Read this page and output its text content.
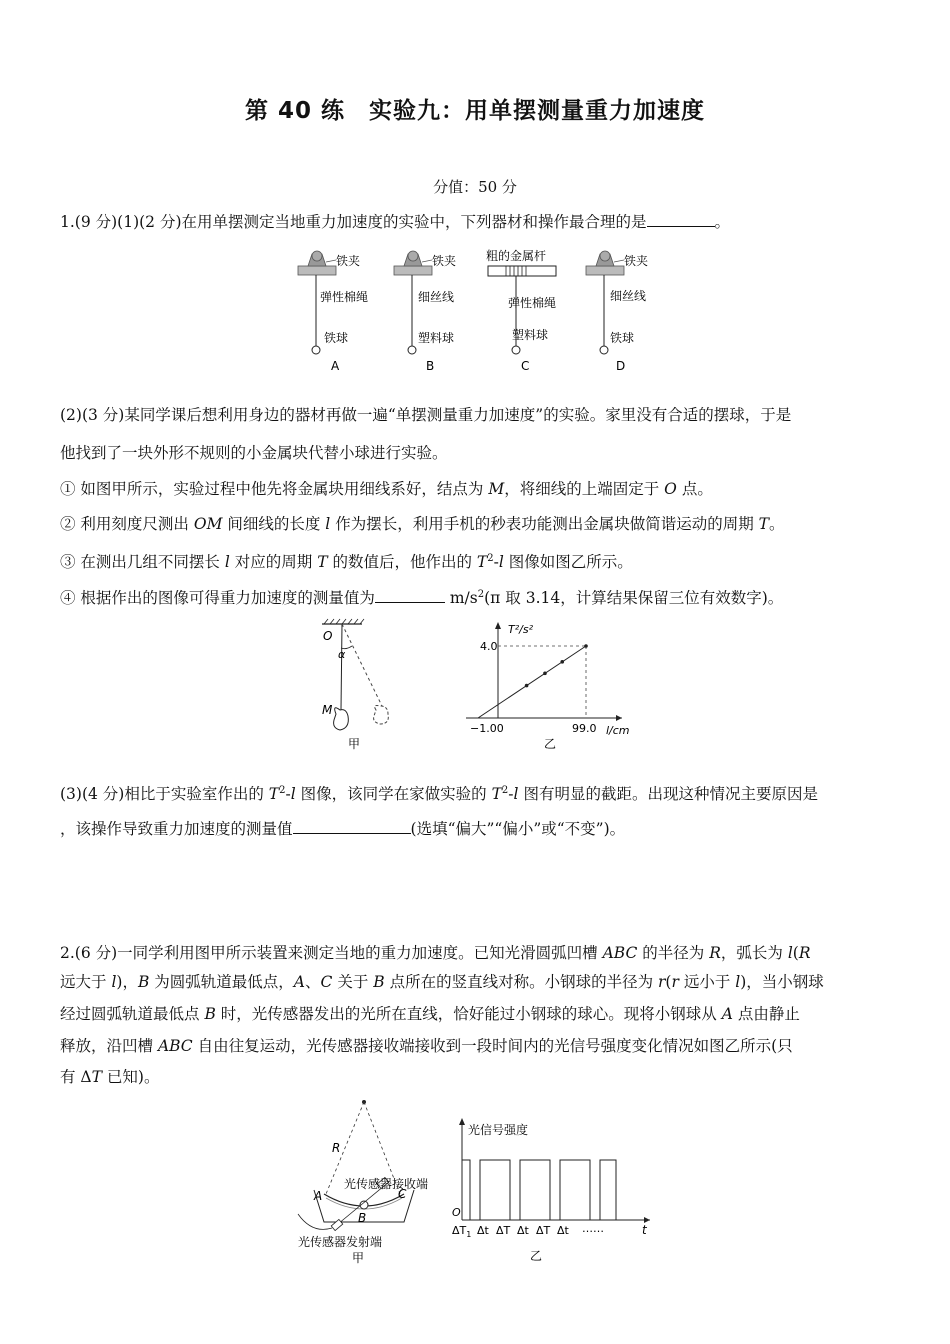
第 40 练　实验九：用单摆测量重力加速度
分值：50 分
1.(9 分)(1)(2 分)在用单摆测定当地重力加速度的实验中，下列器材和操作最合理的是	。
铁夹
弹性棉绳
铁球
A
铁夹
细丝线
塑料球
B
粗的金属杆
弹性棉绳
塑料球
C
铁夹
细丝线
铁球
D
(2)(3 分)某同学课后想利用身边的器材再做一遍“单摆测量重力加速度”的实验。家里没有合适的摆球，于是
他找到了一块外形不规则的小金属块代替小球进行实验。
① 如图甲所示，实验过程中他先将金属块用细线系好，结点为 M，将细线的上端固定于 O 点。
② 利用刻度尺测出 OM 间细线的长度 l 作为摆长，利用手机的秒表功能测出金属块做简谐运动的周期 T。
③ 在测出几组不同摆长 l 对应的周期 T 的数值后，他作出的 $T^2-l$ 图像如图乙所示。
④ 根据作出的图像可得重力加速度的测量值为	$m/s^2(\pi$ 取 3.14，计算结果保留三位有效数字)。
O
α
M
甲
T²/s²
4.0
−1.00	99.0 l/cm
乙
(3)(4 分)相比于实验室作出的 $T^2-l$ 图像，该同学在家做实验的 $T^2-l$ 图有明显的截距。出现这种情况主要原因是
，该操作导致重力加速度的测量值	(选填“偏大”“偏小”或“不变”)。
2.(6 分)一同学利用图甲所示装置来测定当地的重力加速度。已知光滑圆弧凹槽 ABC 的半径为 R，弧长为 l(R
远大于 l)，B 为圆弧轨道最低点，A、C 关于 B 点所在的竖直线对称。小钢球的半径为 r(r 远小于 l)，当小钢球
经过圆弧轨道最低点 B 时，光传感器发出的光所在直线，恰好能过小钢球的球心。现将小钢球从 A 点由静止
释放，沿凹槽 ABC 自由往复运动，光传感器接收端接收到一段时间内的光信号强度变化情况如图乙所示(只
有 ΔT 已知)。
R
A	C
B
光传感器接收端
光传感器发射端
甲
光信号强度
O
$\Delta T_1$ Δt ΔT Δt ΔT Δt ……	t
乙
